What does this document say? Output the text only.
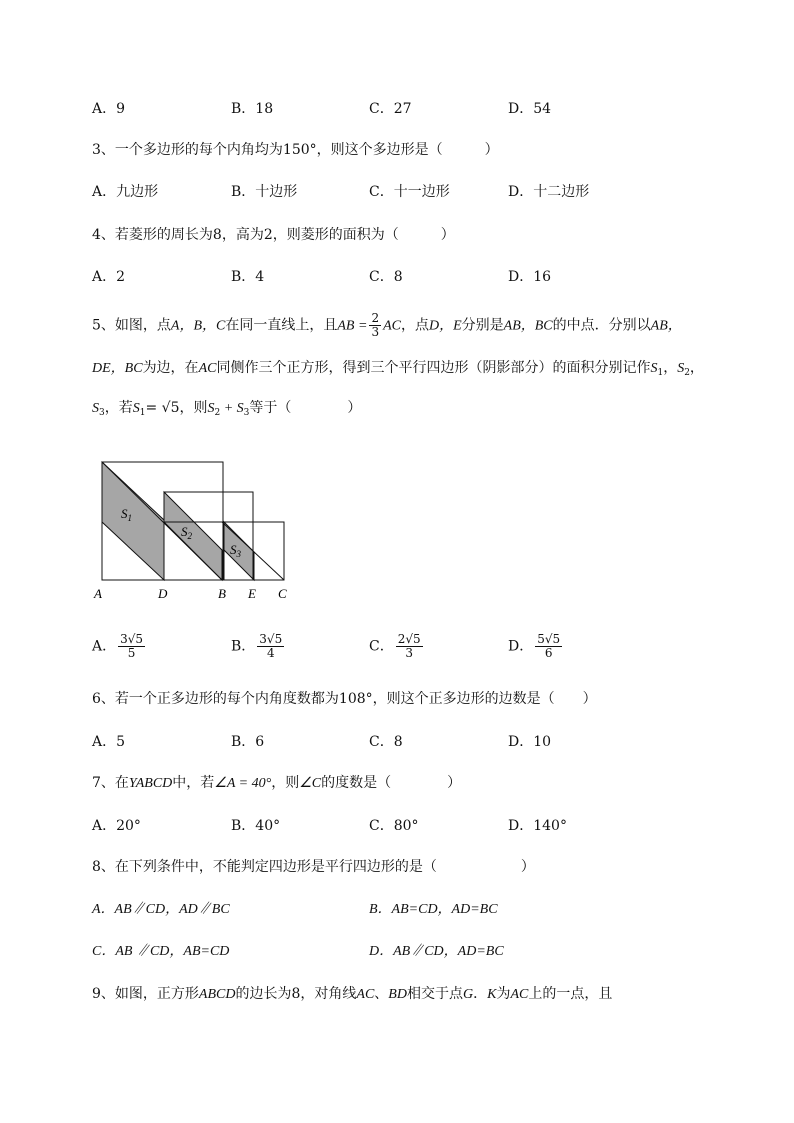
A．9	B．18	C．27	D．54
3、一个多边形的每个内角均为150°，则这个多边形是（　　　）
A．九边形	B．十边形	C．十一边形	D．十二边形
4、若菱形的周长为8，高为2，则菱形的面积为（　　　）
A．2	B．4	C．8	D．16
5、如图，点A，B，C在同一直线上，且AB = $\frac{2}{3}$ AC，点D，E分别是AB，BC的中点．分别以AB，
DE，BC为边，在AC同侧作三个正方形，得到三个平行四边形（阴影部分）的面积分别记作$S_1$，$S_2$，
$S_3$，若$S_1= √5$，则$S_2 + S_3$等于（　　　　）
$S_1$
$S_2$
$S_3$
A	D	B E C
A． $\frac{3√5}{5}$	B． $\frac{3√5}{4}$	C． $\frac{2√5}{3}$	D． $\frac{5√5}{6}$
6、若一个正多边形的每个内角度数都为108°，则这个正多边形的边数是（　　）
A．5	B．6	C．8	D．10
7、在YABCD中，若∠A = 40°，则∠C的度数是（　　　　）
A．20°	B．40°	C．80°	D．140°
8、在下列条件中，不能判定四边形是平行四边形的是（　　　　　　）
A．AB∥CD，AD∥BC	B．AB=CD，AD=BC
C．AB ∥CD，AB=CD	D．AB∥CD，AD=BC
9、如图，正方形ABCD的边长为8，对角线AC、BD相交于点G．K为AC上的一点，且
